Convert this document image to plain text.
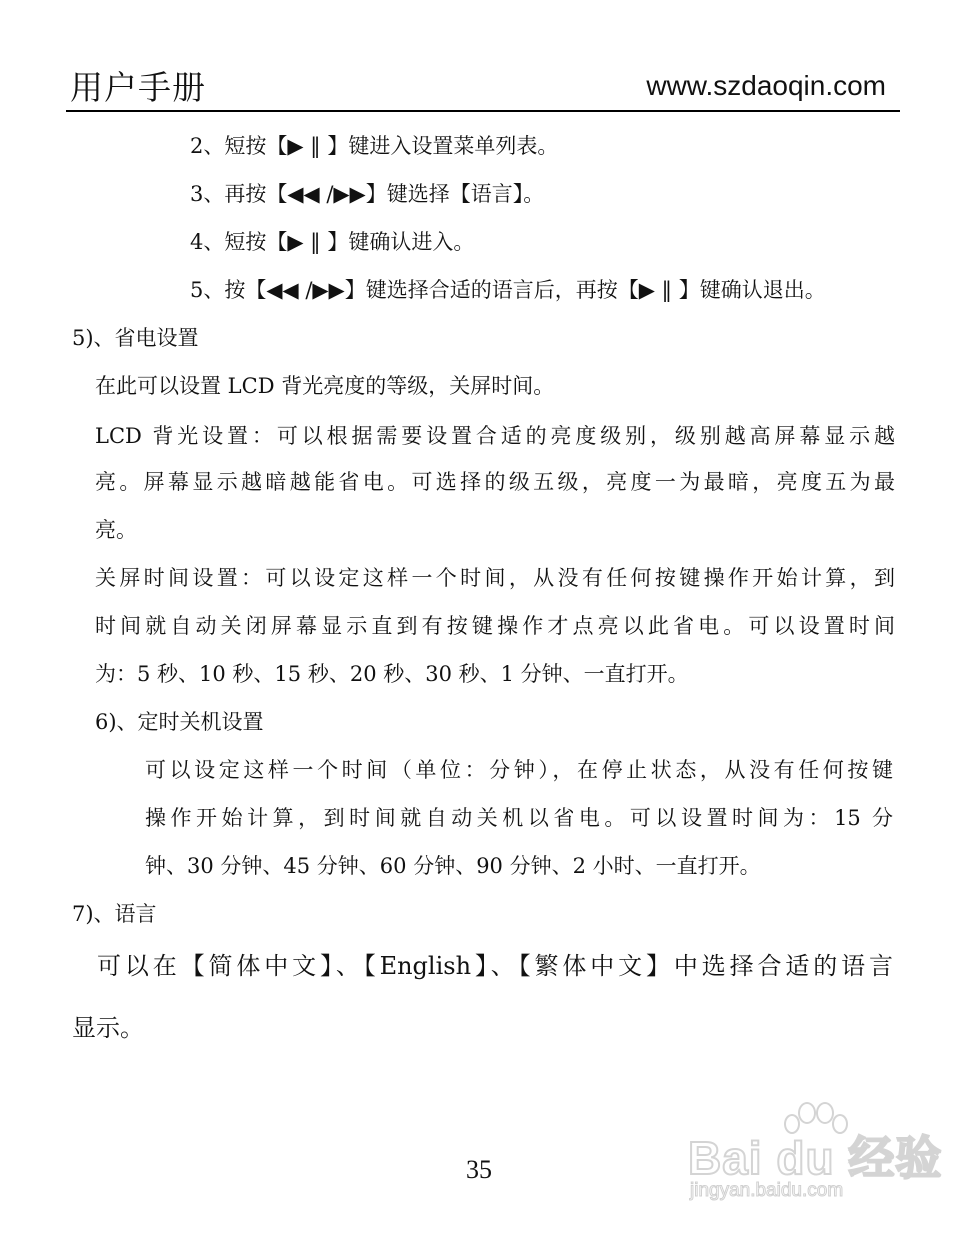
用户手册	www.szdaoqin.com
2、短按【▶ ‖ 】键进入设置菜单列表。
3、再按【◀◀ /▶▶】键选择【语言】。
4、短按【▶ ‖ 】键确认进入。
5、按【◀◀ /▶▶】键选择合适的语言后，再按【▶ ‖ 】键确认退出。
5)、省电设置
在此可以设置 LCD 背光亮度的等级，关屏时间。
LCD 背光设置：可以根据需要设置合适的亮度级别，级别越高屏幕显示越
亮。屏幕显示越暗越能省电。可选择的级五级，亮度一为最暗，亮度五为最
亮。
关屏时间设置：可以设定这样一个时间，从没有任何按键操作开始计算，到
时间就自动关闭屏幕显示直到有按键操作才点亮以此省电。可以设置时间
为：5 秒、10 秒、15 秒、20 秒、30 秒、1 分钟、一直打开。
6)、定时关机设置
可以设定这样一个时间（单位：分钟），在停止状态，从没有任何按键
操作开始计算，到时间就自动关机以省电。可以设置时间为：15 分
钟、30 分钟、45 分钟、60 分钟、90 分钟、2 小时、一直打开。
7)、语言
可以在【简体中文】、【English】、【繁体中文】中选择合适的语言
显示。
35	Bai du 经验
jingyan.baidu.com
